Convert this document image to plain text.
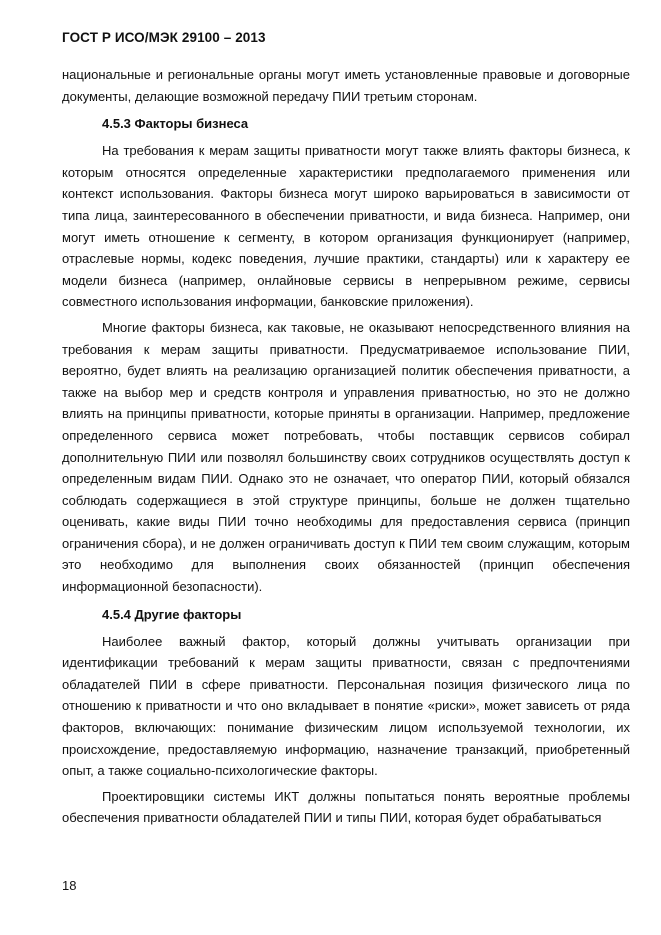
ГОСТ Р ИСО/МЭК 29100 – 2013

национальные и региональные органы могут иметь установленные правовые и договорные документы, делающие возможной передачу ПИИ третьим сторонам.

4.5.3 Факторы бизнеса

На требования к мерам защиты приватности могут также влиять факторы бизнеса, к которым относятся определенные характеристики предполагаемого применения или контекст использования. Факторы бизнеса могут широко варьироваться в зависимости от типа лица, заинтересованного в обеспечении приватности, и вида бизнеса. Например, они могут иметь отношение к сегменту, в котором организация функционирует (например, отраслевые нормы, кодекс поведения, лучшие практики, стандарты) или к характеру ее модели бизнеса (например, онлайновые сервисы в непрерывном режиме, сервисы совместного использования информации, банковские приложения).

Многие факторы бизнеса, как таковые, не оказывают непосредственного влияния на требования к мерам защиты приватности. Предусматриваемое использование ПИИ, вероятно, будет влиять на реализацию организацией политик обеспечения приватности, а также на выбор мер и средств контроля и управления приватностью, но это не должно влиять на принципы приватности, которые приняты в организации. Например, предложение определенного сервиса может потребовать, чтобы поставщик сервисов собирал дополнительную ПИИ или позволял большинству своих сотрудников осуществлять доступ к определенным видам ПИИ. Однако это не означает, что оператор ПИИ, который обязался соблюдать содержащиеся в этой структуре принципы, больше не должен тщательно оценивать, какие виды ПИИ точно необходимы для предоставления сервиса (принцип ограничения сбора), и не должен ограничивать доступ к ПИИ тем своим служащим, которым это необходимо для выполнения своих обязанностей (принцип обеспечения информационной безопасности).

4.5.4 Другие факторы

Наиболее важный фактор, который должны учитывать организации при идентификации требований к мерам защиты приватности, связан с предпочтениями обладателей ПИИ в сфере приватности. Персональная позиция физического лица по отношению к приватности и что оно вкладывает в понятие «риски», может зависеть от ряда факторов, включающих: понимание физическим лицом используемой технологии, их происхождение, предоставляемую информацию, назначение транзакций, приобретенный опыт, а также социально-психологические факторы.

Проектировщики системы ИКТ должны попытаться понять вероятные проблемы обеспечения приватности обладателей ПИИ и типы ПИИ, которая будет обрабатываться

18
